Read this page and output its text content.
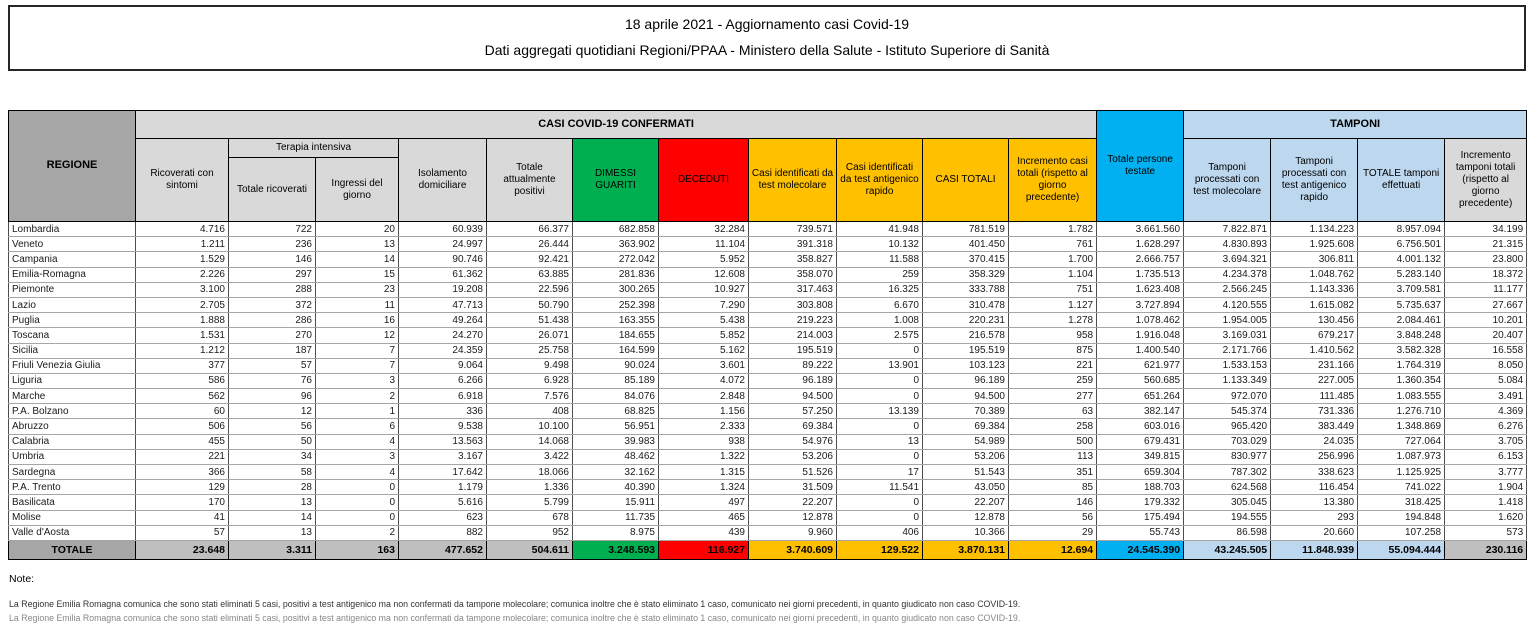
18 aprile 2021 - Aggiornamento casi Covid-19
Dati aggregati quotidiani Regioni/PPAA - Ministero della Salute - Istituto Superiore di Sanità
REGIONE	CASI COVID-19 CONFERMATI											Totale persone testate	TAMPONI			
	Ricoverati con sintomi	Terapia intensiva		Isolamento domiciliare	Totale attualmente positivi	DIMESSI GUARITI	DECEDUTI	Casi identificati da test molecolare	Casi identificati da test antigenico rapido	CASI TOTALI	Incremento casi totali (rispetto al giorno precedente)		Tamponi processati con test molecolare	Tamponi processati con test antigenico rapido	TOTALE tamponi effettuati	Incremento tamponi totali (rispetto al giorno precedente)
		Totale ricoverati	Ingressi del giorno													
Lombardia	4.716	722	20	60.939	66.377	682.858	32.284	739.571	41.948	781.519	1.782	3.661.560	7.822.871	1.134.223	8.957.094	34.199
Veneto	1.211	236	13	24.997	26.444	363.902	11.104	391.318	10.132	401.450	761	1.628.297	4.830.893	1.925.608	6.756.501	21.315
Campania	1.529	146	14	90.746	92.421	272.042	5.952	358.827	11.588	370.415	1.700	2.666.757	3.694.321	306.811	4.001.132	23.800
Emilia-Romagna	2.226	297	15	61.362	63.885	281.836	12.608	358.070	259	358.329	1.104	1.735.513	4.234.378	1.048.762	5.283.140	18.372
Piemonte	3.100	288	23	19.208	22.596	300.265	10.927	317.463	16.325	333.788	751	1.623.408	2.566.245	1.143.336	3.709.581	11.177
Lazio	2.705	372	11	47.713	50.790	252.398	7.290	303.808	6.670	310.478	1.127	3.727.894	4.120.555	1.615.082	5.735.637	27.667
Puglia	1.888	286	16	49.264	51.438	163.355	5.438	219.223	1.008	220.231	1.278	1.078.462	1.954.005	130.456	2.084.461	10.201
Toscana	1.531	270	12	24.270	26.071	184.655	5.852	214.003	2.575	216.578	958	1.916.048	3.169.031	679.217	3.848.248	20.407
Sicilia	1.212	187	7	24.359	25.758	164.599	5.162	195.519	0	195.519	875	1.400.540	2.171.766	1.410.562	3.582.328	16.558
Friuli Venezia Giulia	377	57	7	9.064	9.498	90.024	3.601	89.222	13.901	103.123	221	621.977	1.533.153	231.166	1.764.319	8.050
Liguria	586	76	3	6.266	6.928	85.189	4.072	96.189	0	96.189	259	560.685	1.133.349	227.005	1.360.354	5.084
Marche	562	96	2	6.918	7.576	84.076	2.848	94.500	0	94.500	277	651.264	972.070	111.485	1.083.555	3.491
P.A. Bolzano	60	12	1	336	408	68.825	1.156	57.250	13.139	70.389	63	382.147	545.374	731.336	1.276.710	4.369
Abruzzo	506	56	6	9.538	10.100	56.951	2.333	69.384	0	69.384	258	603.016	965.420	383.449	1.348.869	6.276
Calabria	455	50	4	13.563	14.068	39.983	938	54.976	13	54.989	500	679.431	703.029	24.035	727.064	3.705
Umbria	221	34	3	3.167	3.422	48.462	1.322	53.206	0	53.206	113	349.815	830.977	256.996	1.087.973	6.153
Sardegna	366	58	4	17.642	18.066	32.162	1.315	51.526	17	51.543	351	659.304	787.302	338.623	1.125.925	3.777
P.A. Trento	129	28	0	1.179	1.336	40.390	1.324	31.509	11.541	43.050	85	188.703	624.568	116.454	741.022	1.904
Basilicata	170	13	0	5.616	5.799	15.911	497	22.207	0	22.207	146	179.332	305.045	13.380	318.425	1.418
Molise	41	14	0	623	678	11.735	465	12.878	0	12.878	56	175.494	194.555	293	194.848	1.620
Valle d'Aosta	57	13	2	882	952	8.975	439	9.960	406	10.366	29	55.743	86.598	20.660	107.258	573
TOTALE	23.648	3.311	163	477.652	504.611	3.248.593	116.927	3.740.609	129.522	3.870.131	12.694	24.545.390	43.245.505	11.848.939	55.094.444	230.116
Note:
La Regione Emilia Romagna comunica che sono stati eliminati 5 casi, positivi a test antigenico ma non confermati da tampone molecolare; comunica inoltre che è stato eliminato 1 caso, comunicato nei giorni precedenti, in quanto giudicato non caso COVID-19.
La Regione Emilia Romagna comunica che sono stati eliminati 5 casi, positivi a test antigenico ma non confermati da tampone molecolare; comunica inoltre che è stato eliminato 1 caso, comunicato nei giorni precedenti, in quanto giudicato non caso COVID-19.
